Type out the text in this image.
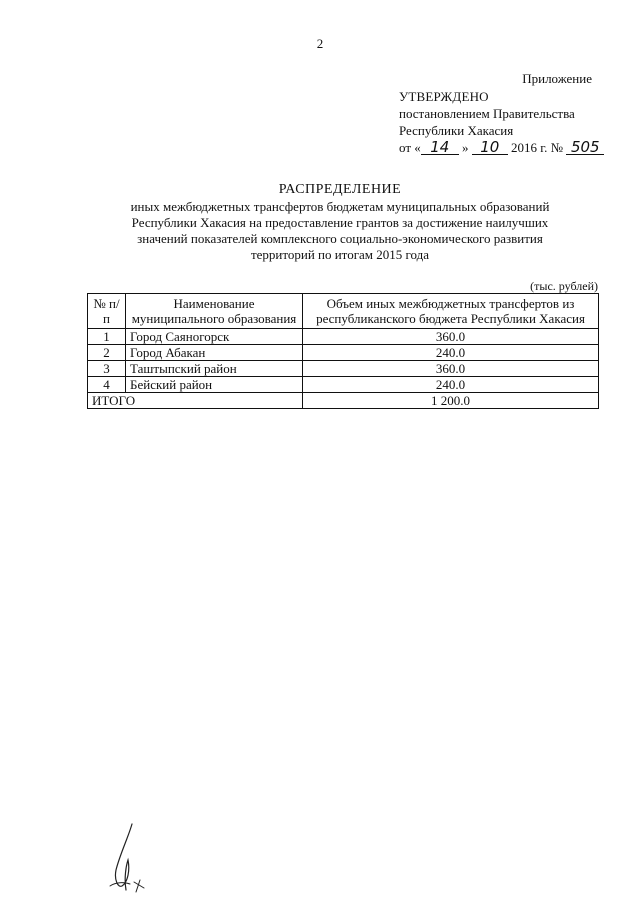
2
Приложение
УТВЕРЖДЕНО
постановлением Правительства
Республики Хакасия
от « 14 » 10 2016 г. № 505
РАСПРЕДЕЛЕНИЕ
иных межбюджетных трансфертов бюджетам муниципальных образований
Республики Хакасия на предоставление грантов за достижение наилучших
значений показателей комплексного социально-экономического развития
территорий по итогам 2015 года
(тыс. рублей)
№ п/п	Наименование муниципального образования	Объем иных межбюджетных трансфертов из республиканского бюджета Республики Хакасия
1	Город Саяногорск	360.0
2	Город Абакан	240.0
3	Таштыпский район	360.0
4	Бейский район	240.0
ИТОГО		1 200.0
